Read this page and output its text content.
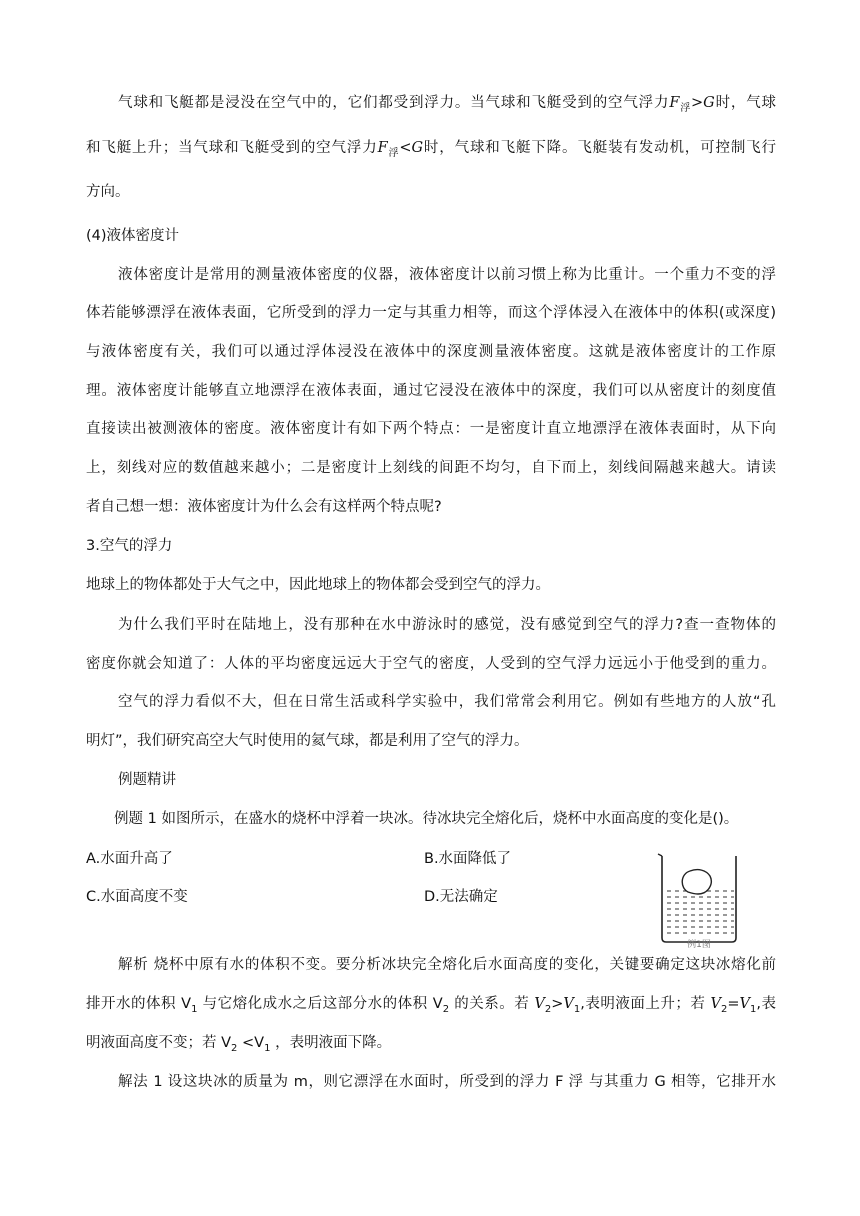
气球和飞艇都是浸没在空气中的，它们都受到浮力。当气球和飞艇受到的空气浮力$F_浮>G$时，气球
和飞艇上升；当气球和飞艇受到的空气浮力$F_浮<G$时，气球和飞艇下降。飞艇装有发动机，可控制飞行
方向。
(4)液体密度计
液体密度计是常用的测量液体密度的仪器，液体密度计以前习惯上称为比重计。一个重力不变的浮
体若能够漂浮在液体表面，它所受到的浮力一定与其重力相等，而这个浮体浸入在液体中的体积(或深度)
与液体密度有关，我们可以通过浮体浸没在液体中的深度测量液体密度。这就是液体密度计的工作原
理。液体密度计能够直立地漂浮在液体表面，通过它浸没在液体中的深度，我们可以从密度计的刻度值
直接读出被测液体的密度。液体密度计有如下两个特点：一是密度计直立地漂浮在液体表面时，从下向
上，刻线对应的数值越来越小；二是密度计上刻线的间距不均匀，自下而上，刻线间隔越来越大。请读
者自己想一想：液体密度计为什么会有这样两个特点呢?
3.空气的浮力
地球上的物体都处于大气之中，因此地球上的物体都会受到空气的浮力。
为什么我们平时在陆地上，没有那种在水中游泳时的感觉，没有感觉到空气的浮力?查一查物体的
密度你就会知道了：人体的平均密度远远大于空气的密度，人受到的空气浮力远远小于他受到的重力。
空气的浮力看似不大，但在日常生活或科学实验中，我们常常会利用它。例如有些地方的人放“孔
明灯”，我们研究高空大气时使用的氦气球，都是利用了空气的浮力。
例题精讲
例题 1 如图所示，在盛水的烧杯中浮着一块冰。待冰块完全熔化后，烧杯中水面高度的变化是()。
A.水面升高了	B.水面降低了
C.水面高度不变	D.无法确定
例1图
解析 烧杯中原有水的体积不变。要分析冰块完全熔化后水面高度的变化，关键要确定这块冰熔化前
排开水的体积 $V_1$ 与它熔化成水之后这部分水的体积 $V_2$ 的关系。若 $V_2>V_1$,表明液面上升；若 $V_2=V_1$,表
明液面高度不变；若 $V_2 <V_1$ ，表明液面下降。
解法 1 设这块冰的质量为 m，则它漂浮在水面时，所受到的浮力 F 浮 与其重力 G 相等，它排开水
